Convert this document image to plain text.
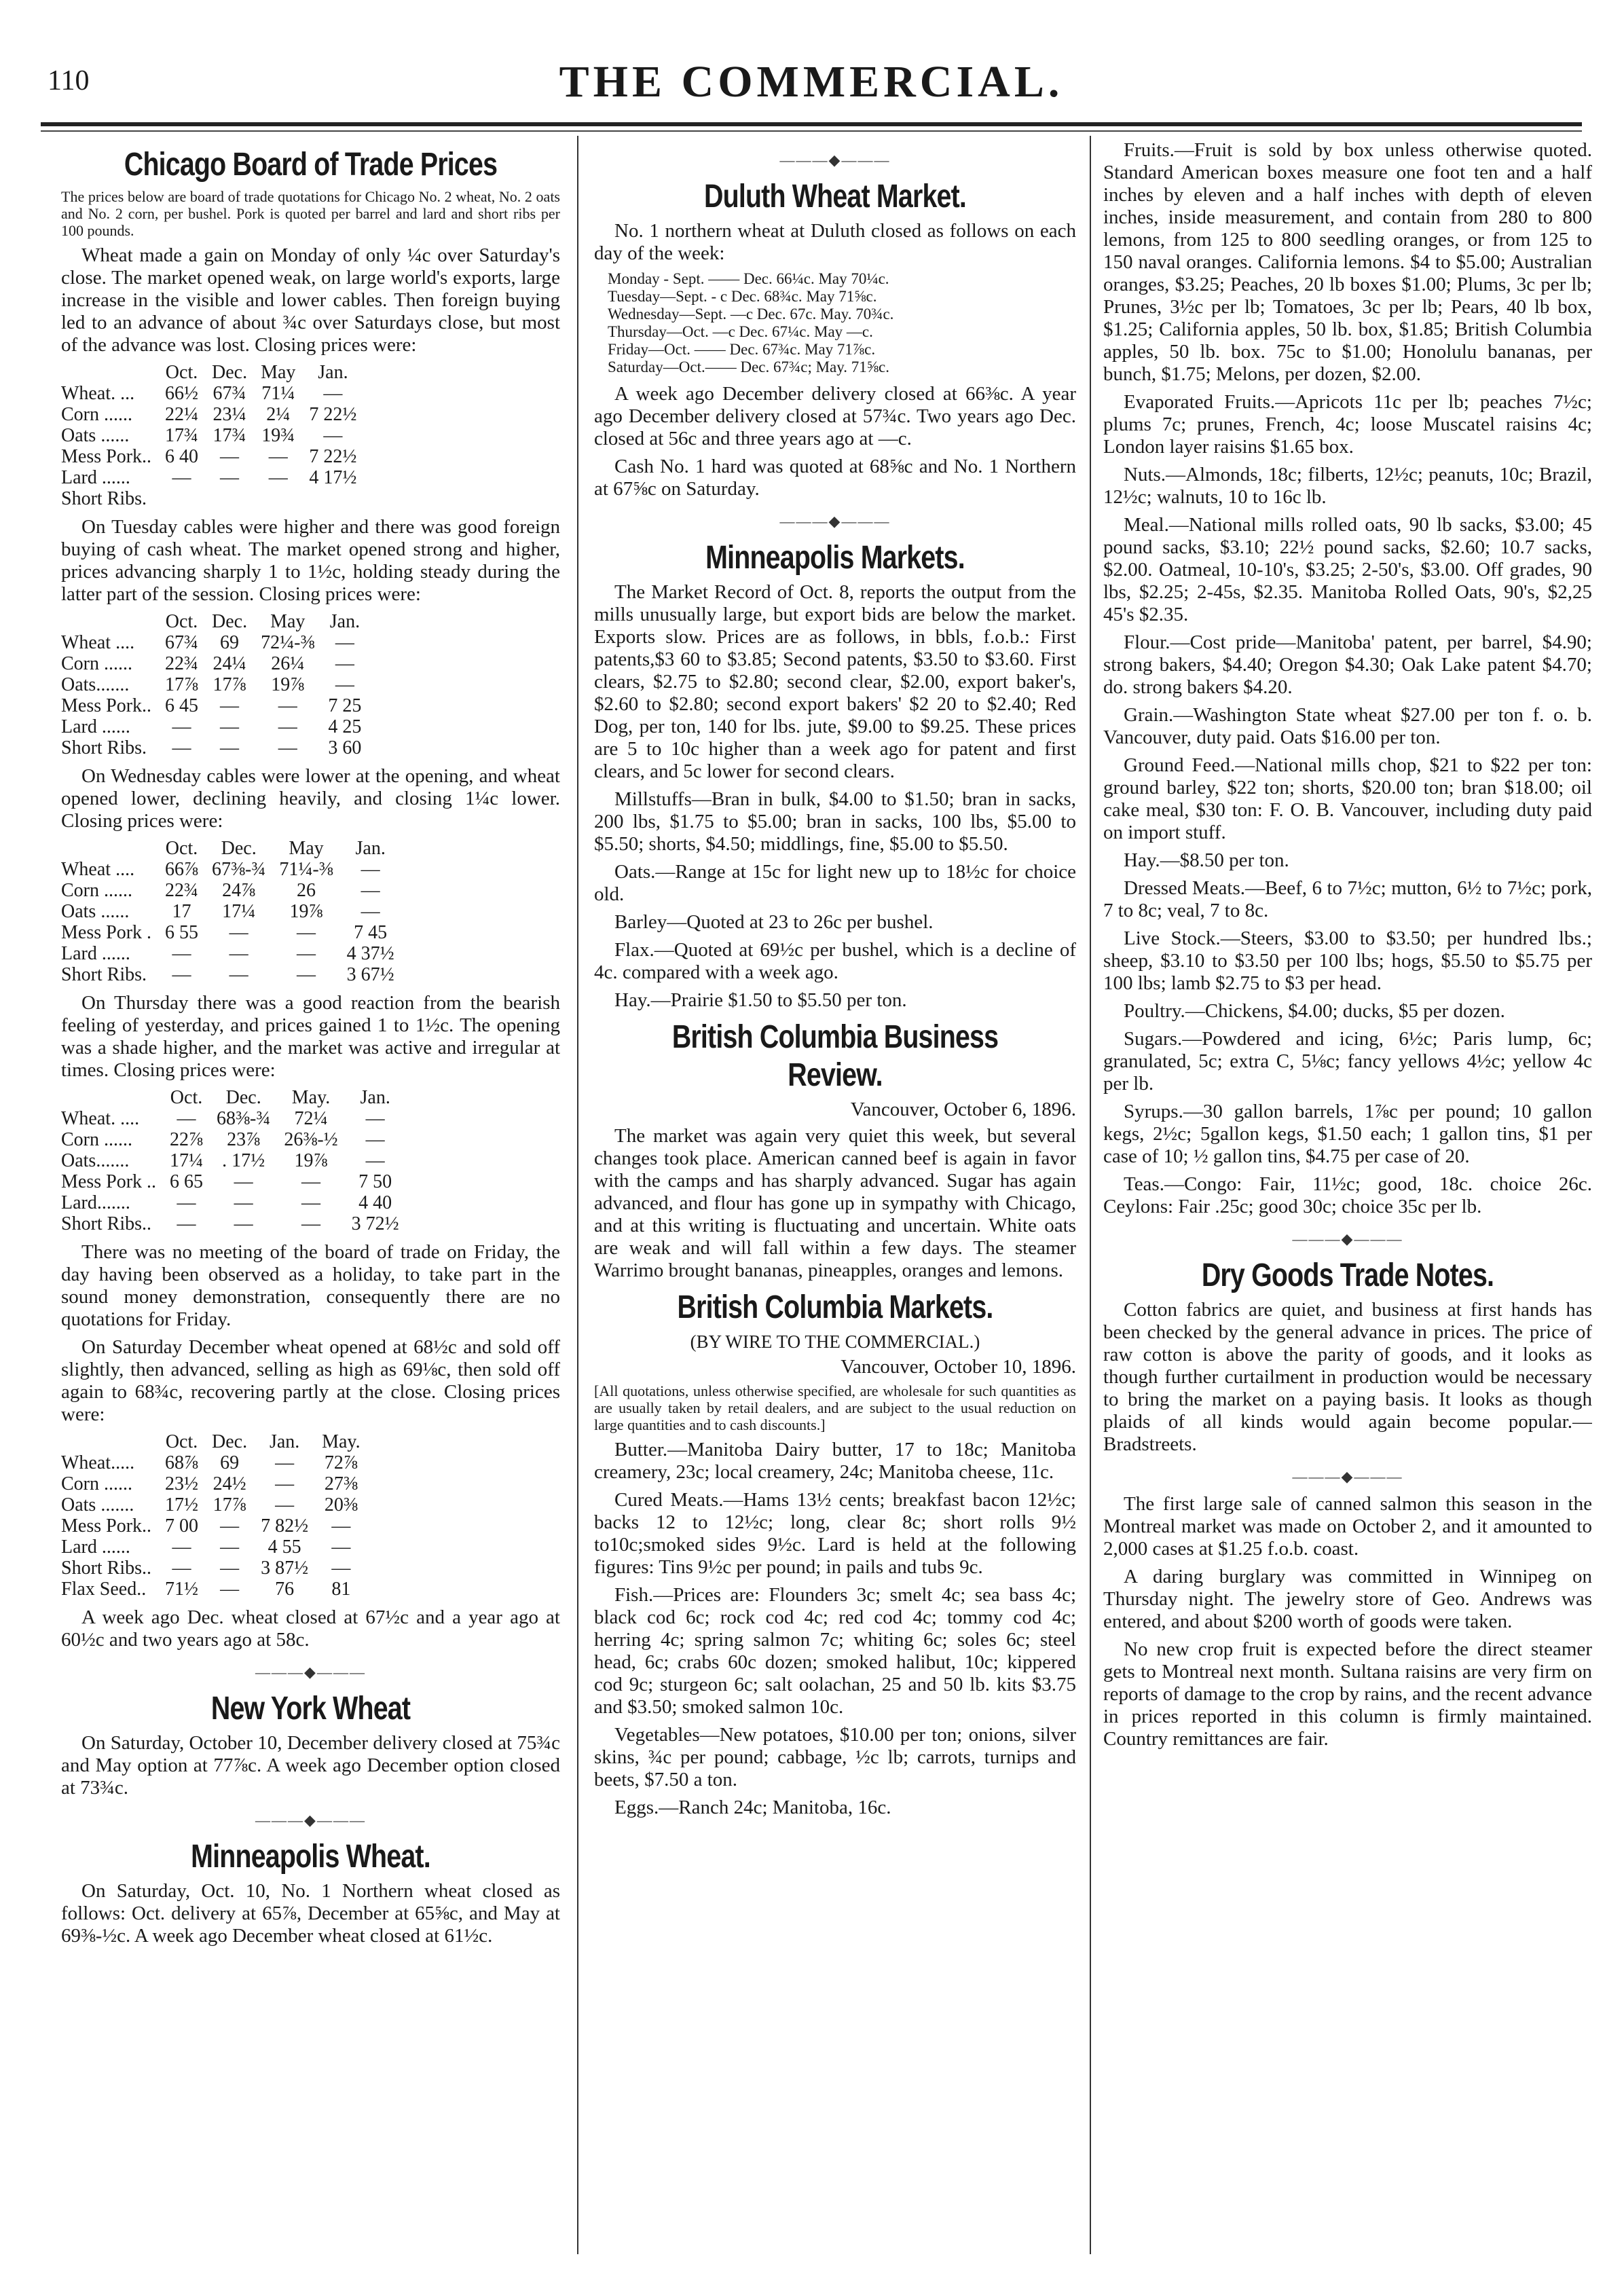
110	THE COMMERCIAL.
Chicago Board of Trade Prices
The prices below are board of trade quotations for Chicago No. 2 wheat, No. 2 oats and No. 2 corn, per bushel. Pork is quoted per barrel and lard and short ribs per 100 pounds.

Wheat made a gain on Monday of only ¼c over Saturday's close. The market opened weak, on large world's exports, large increase in the visible and lower cables. Then foreign buying led to an advance of about ¾c over Saturdays close, but most of the advance was lost. Closing prices were:

	Oct.	Dec.	May	Jan.
Wheat. ...	66½	67¾	71¼	—
Corn ......	22¼	23¼	2¼	7 22½
Oats ......	17¾	17¾	19¾	—
Mess Pork..	6 40	—	—	7 22½
Lard ......	—	—	—	4 17½
Short Ribs.				

On Tuesday cables were higher and there was good foreign buying of cash wheat. The market opened strong and higher, prices advancing sharply 1 to 1½c, holding steady during the latter part of the session. Closing prices were:

	Oct.	Dec.	May	Jan.
Wheat ....	67¾	69	72¼-⅜	—
Corn ......	22¾	24¼	26¼	—
Oats.......	17⅞	17⅞	19⅞	—
Mess Pork..	6 45	—	—	7 25
Lard ......	—	—	—	4 25
Short Ribs.	—	—	—	3 60

On Wednesday cables were lower at the opening, and wheat opened lower, declining heavily, and closing 1¼c lower. Closing prices were:

	Oct.	Dec.	May	Jan.
Wheat ....	66⅞	67⅜-¾	71¼-⅜	—
Corn ......	22¾	24⅞	26	—
Oats ......	17	17¼	19⅞	—
Mess Pork .	6 55	—	—	7 45
Lard ......	—	—	—	4 37½
Short Ribs.	—	—	—	3 67½

On Thursday there was a good reaction from the bearish feeling of yesterday, and prices gained 1 to 1½c. The opening was a shade higher, and the market was active and irregular at times. Closing prices were:

	Oct.	Dec.	May.	Jan.
Wheat. ....	—	68⅜-¾	72¼	—
Corn ......	22⅞	23⅞	26⅜-½	—
Oats.......	17¼	. 17½	19⅞	—
Mess Pork ..	6 65	—	—	7 50
Lard.......	—	—	—	4 40
Short Ribs..	—	—	—	3 72½

There was no meeting of the board of trade on Friday, the day having been observed as a holiday, to take part in the sound money demonstration, consequently there are no quotations for Friday.

On Saturday December wheat opened at 68½c and sold off slightly, then advanced, selling as high as 69⅛c, then sold off again to 68¾c, recovering partly at the close. Closing prices were:

	Oct.	Dec.	Jan.	May.
Wheat.....	68⅞	69	—	72⅞
Corn ......	23½	24½	—	27⅜
Oats .......	17½	17⅞	—	20⅜
Mess Pork..	7 00	—	7 82½	—
Lard ......	—	—	4 55	—
Short Ribs..	—	—	3 87½	—
Flax Seed..	71½	—	76	81

A week ago Dec. wheat closed at 67½c and a year ago at 60½c and two years ago at 58c.

———◆———
New York Wheat

On Saturday, October 10, December delivery closed at 75¾c and May option at 77⅞c. A week ago December option closed at 73¾c.

———◆———
Minneapolis Wheat.

On Saturday, Oct. 10, No. 1 Northern wheat closed as follows: Oct. delivery at 65⅞, December at 65⅝c, and May at 69⅜-½c. A week ago December wheat closed at 61½c.

———◆———
Duluth Wheat Market.

No. 1 northern wheat at Duluth closed as follows on each day of the week:

Monday - Sept. —— Dec. 66¼c. May 70¼c.
Tuesday—Sept. - c Dec. 68¾c. May 71⅝c.
Wednesday—Sept. —c Dec. 67c. May. 70¾c.
Thursday—Oct. —c Dec. 67¼c. May —c.
Friday—Oct. —— Dec. 67¾c. May 71⅞c.
Saturday—Oct.—— Dec. 67¾c; May. 71⅝c.

A week ago December delivery closed at 66⅜c. A year ago December delivery closed at 57¾c. Two years ago Dec. closed at 56c and three years ago at —c.

Cash No. 1 hard was quoted at 68⅝c and No. 1 Northern at 67⅝c on Saturday.

———◆———
Minneapolis Markets.

The Market Record of Oct. 8, reports the output from the mills unusually large, but export bids are below the market. Exports slow. Prices are as follows, in bbls, f.o.b.: First patents,$3 60 to $3.85; Second patents, $3.50 to $3.60. First clears, $2.75 to $2.80; second clear, $2.00, export baker's, $2.60 to $2.80; second export bakers' $2 20 to $2.40; Red Dog, per ton, 140 for lbs. jute, $9.00 to $9.25. These prices are 5 to 10c higher than a week ago for patent and first clears, and 5c lower for second clears.

Millstuffs—Bran in bulk, $4.00 to $1.50; bran in sacks, 200 lbs, $1.75 to $5.00; bran in sacks, 100 lbs, $5.00 to $5.50; shorts, $4.50; middlings, fine, $5.00 to $5.50.

Oats.—Range at 15c for light new up to 18½c for choice old.

Barley—Quoted at 23 to 26c per bushel.

Flax.—Quoted at 69½c per bushel, which is a decline of 4c. compared with a week ago.

Hay.—Prairie $1.50 to $5.50 per ton.

British Columbia Business Review.
Vancouver, October 6, 1896.

The market was again very quiet this week, but several changes took place. American canned beef is again in favor with the camps and has sharply advanced. Sugar has again advanced, and flour has gone up in sympathy with Chicago, and at this writing is fluctuating and uncertain. White oats are weak and will fall within a few days. The steamer Warrimo brought bananas, pineapples, oranges and lemons.

British Columbia Markets.
(BY WIRE TO THE COMMERCIAL.)
Vancouver, October 10, 1896.
[All quotations, unless otherwise specified, are wholesale for such quantities as are usually taken by retail dealers, and are subject to the usual reduction on large quantities and to cash discounts.]

Butter.—Manitoba Dairy butter, 17 to 18c; Manitoba creamery, 23c; local creamery, 24c; Manitoba cheese, 11c.

Cured Meats.—Hams 13½ cents; breakfast bacon 12½c; backs 12 to 12½c; long, clear 8c; short rolls 9½ to10c;smoked sides 9½c. Lard is held at the following figures: Tins 9½c per pound; in pails and tubs 9c.

Fish.—Prices are: Flounders 3c; smelt 4c; sea bass 4c; black cod 6c; rock cod 4c; red cod 4c; tommy cod 4c; herring 4c; spring salmon 7c; whiting 6c; soles 6c; steel head, 6c; crabs 60c dozen; smoked halibut, 10c; kippered cod 9c; sturgeon 6c; salt oolachan, 25 and 50 lb. kits $3.75 and $3.50; smoked salmon 10c.

Vegetables—New potatoes, $10.00 per ton; onions, silver skins, ¾c per pound; cabbage, ½c lb; carrots, turnips and beets, $7.50 a ton.

Eggs.—Ranch 24c; Manitoba, 16c.

Fruits.—Fruit is sold by box unless otherwise quoted. Standard American boxes measure one foot ten and a half inches by eleven and a half inches with depth of eleven inches, inside measurement, and contain from 280 to 800 lemons, from 125 to 800 seedling oranges, or from 125 to 150 naval oranges. California lemons. $4 to $5.00; Australian oranges, $3.25; Peaches, 20 lb boxes $1.00; Plums, 3c per lb; Prunes, 3½c per lb; Tomatoes, 3c per lb; Pears, 40 lb box, $1.25; California apples, 50 lb. box, $1.85; British Columbia apples, 50 lb. box. 75c to $1.00; Honolulu bananas, per bunch, $1.75; Melons, per dozen, $2.00.

Evaporated Fruits.—Apricots 11c per lb; peaches 7½c; plums 7c; prunes, French, 4c; loose Muscatel raisins 4c; London layer raisins $1.65 box.

Nuts.—Almonds, 18c; filberts, 12½c; peanuts, 10c; Brazil, 12½c; walnuts, 10 to 16c lb.

Meal.—National mills rolled oats, 90 lb sacks, $3.00; 45 pound sacks, $3.10; 22½ pound sacks, $2.60; 10.7 sacks, $2.00. Oatmeal, 10-10's, $3.25; 2-50's, $3.00. Off grades, 90 lbs, $2.25; 2-45s, $2.35. Manitoba Rolled Oats, 90's, $2,25 45's $2.35.

Flour.—Cost pride—Manitoba' patent, per barrel, $4.90; strong bakers, $4.40; Oregon $4.30; Oak Lake patent $4.70; do. strong bakers $4.20.

Grain.—Washington State wheat $27.00 per ton f. o. b. Vancouver, duty paid. Oats $16.00 per ton.

Ground Feed.—National mills chop, $21 to $22 per ton: ground barley, $22 ton; shorts, $20.00 ton; bran $18.00; oil cake meal, $30 ton: F. O. B. Vancouver, including duty paid on import stuff.

Hay.—$8.50 per ton.

Dressed Meats.—Beef, 6 to 7½c; mutton, 6½ to 7½c; pork, 7 to 8c; veal, 7 to 8c.

Live Stock.—Steers, $3.00 to $3.50; per hundred lbs.; sheep, $3.10 to $3.50 per 100 lbs; hogs, $5.50 to $5.75 per 100 lbs; lamb $2.75 to $3 per head.

Poultry.—Chickens, $4.00; ducks, $5 per dozen.

Sugars.—Powdered and icing, 6½c; Paris lump, 6c; granulated, 5c; extra C, 5⅛c; fancy yellows 4½c; yellow 4c per lb.

Syrups.—30 gallon barrels, 1⅞c per pound; 10 gallon kegs, 2½c; 5gallon kegs, $1.50 each; 1 gallon tins, $1 per case of 10; ½ gallon tins, $4.75 per case of 20.

Teas.—Congo: Fair, 11½c; good, 18c. choice 26c. Ceylons: Fair .25c; good 30c; choice 35c per lb.

———◆———
Dry Goods Trade Notes.

Cotton fabrics are quiet, and business at first hands has been checked by the general advance in prices. The price of raw cotton is above the parity of goods, and it looks as though further curtailment in production would be necessary to bring the market on a paying basis. It looks as though plaids of all kinds would again become popular.—Bradstreets.

———◆———

The first large sale of canned salmon this season in the Montreal market was made on October 2, and it amounted to 2,000 cases at $1.25 f.o.b. coast.

A daring burglary was committed in Winnipeg on Thursday night. The jewelry store of Geo. Andrews was entered, and about $200 worth of goods were taken.

No new crop fruit is expected before the direct steamer gets to Montreal next month. Sultana raisins are very firm on reports of damage to the crop by rains, and the recent advance in prices reported in this column is firmly maintained. Country remittances are fair.
